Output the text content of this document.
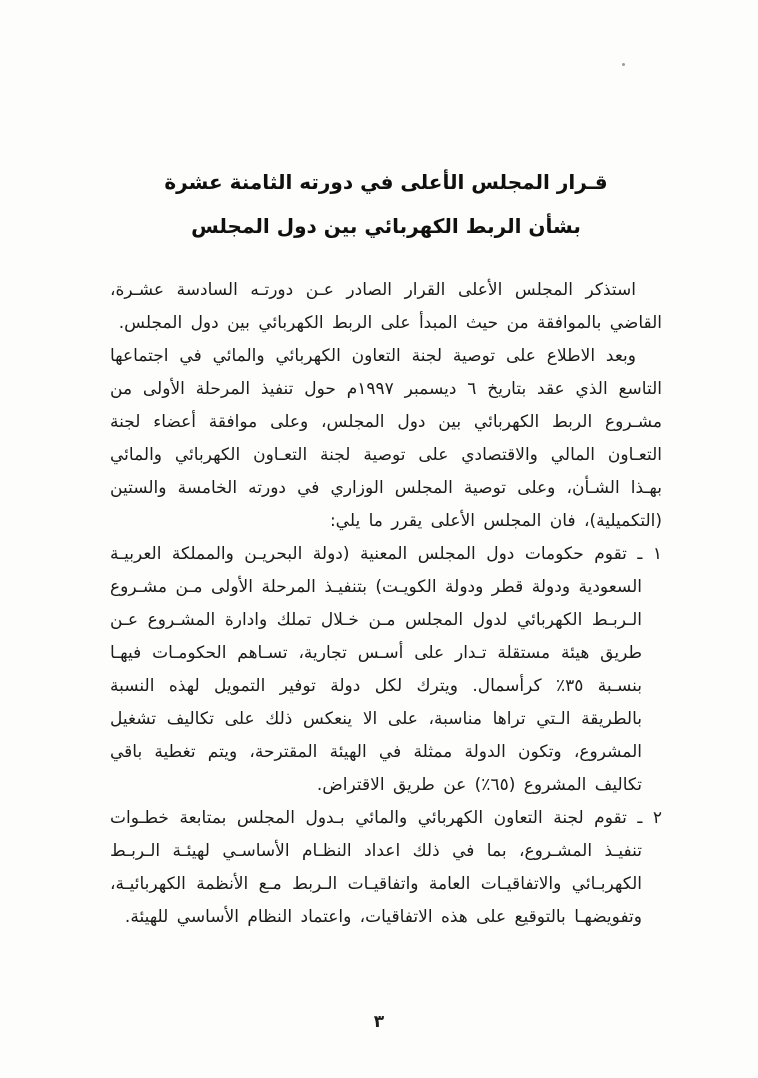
قـرار المجلس الأعلى في دورته الثامنة عشرة
بشأن الربط الكهربائي بين دول المجلس

استذكر المجلس الأعلى القرار الصادر عـن دورتـه السادسة عشـرة، القاضي بالموافقة من حيث المبدأ على الربط الكهربائي بين دول المجلس.

وبعد الاطلاع على توصية لجنة التعاون الكهربائي والمائي في اجتماعها التاسع الذي عقد بتاريخ ٦ ديسمبر ١٩٩٧م حول تنفيذ المرحلة الأولى من مشـروع الربط الكهربائي بين دول المجلس، وعلى موافقة أعضاء لجنة التعـاون المالي والاقتصادي على توصية لجنة التعـاون الكهربائي والمائي بهـذا الشـأن، وعلى توصية المجلس الوزاري في دورته الخامسة والستين (التكميلية)، فان المجلس الأعلى يقرر ما يلي:

١ ـ تقوم حكومات دول المجلس المعنية (دولة البحريـن والمملكة العربيـة السعودية ودولة قطر ودولة الكويـت) بتنفيـذ المرحلة الأولى مـن مشـروع الـربـط الكهربائي لدول المجلس مـن خـلال تملك وادارة المشـروع عـن طريق هيئة مستقلة تـدار على أسـس تجارية، تسـاهم الحكومـات فيهـا بنسـبة ٣٥٪ كرأسمال. ويترك لكل دولة توفير التمويل لهذه النسبة بالطريقة الـتي تراها مناسبة، على الا ينعكس ذلك على تكاليف تشغيل المشروع، وتكون الدولة ممثلة في الهيئة المقترحة، ويتم تغطية باقي تكاليف المشروع (٦٥٪) عن طريق الاقتراض.

٢ ـ تقوم لجنة التعاون الكهربائي والمائي بـدول المجلس بمتابعة خطـوات تنفيـذ المشـروع، بما في ذلك اعداد النظـام الأساسـي لهيئـة الـربـط الكهربـائي والاتفاقيـات العامة واتفاقيـات الـربط مـع الأنظمة الكهربائيـة، وتفويضهـا بالتوقيع على هذه الاتفاقيات، واعتماد النظام الأساسي للهيئة.

٣
